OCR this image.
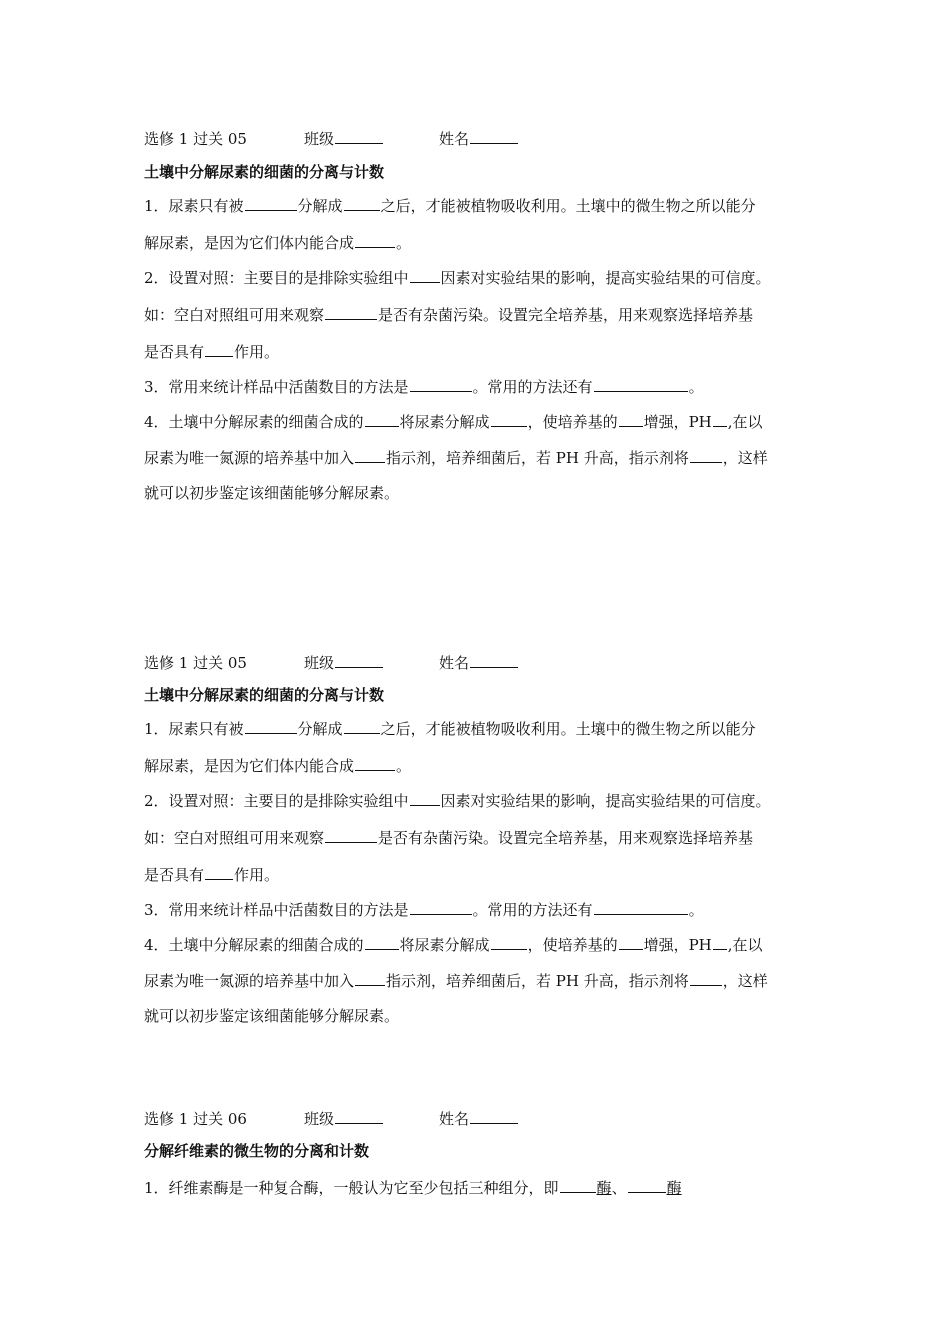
选修 1 过关 05	班级	姓名
土壤中分解尿素的细菌的分离与计数
1．尿素只有被	分解成	之后，才能被植物吸收利用。土壤中的微生物之所以能分
解尿素，是因为它们体内能合成	。
2．设置对照：主要目的是排除实验组中 因素对实验结果的影响，提高实验结果的可信度。
如：空白对照组可用来观察	是否有杂菌污染。设置完全培养基，用来观察选择培养基
是否具有 作用。
3．常用来统计样品中活菌数目的方法是	。常用的方法还有	。
4．土壤中分解尿素的细菌合成的 将尿素分解成	，使培养基的 增强，PH ,在以
尿素为唯一氮源的培养基中加入 指示剂，培养细菌后，若 PH 升高，指示剂将 ，这样
就可以初步鉴定该细菌能够分解尿素。
选修 1 过关 05	班级	姓名
土壤中分解尿素的细菌的分离与计数
1．尿素只有被	分解成	之后，才能被植物吸收利用。土壤中的微生物之所以能分
解尿素，是因为它们体内能合成	。
2．设置对照：主要目的是排除实验组中 因素对实验结果的影响，提高实验结果的可信度。
如：空白对照组可用来观察	是否有杂菌污染。设置完全培养基，用来观察选择培养基
是否具有 作用。
3．常用来统计样品中活菌数目的方法是	。常用的方法还有	。
4．土壤中分解尿素的细菌合成的 将尿素分解成	，使培养基的 增强，PH ,在以
尿素为唯一氮源的培养基中加入 指示剂，培养细菌后，若 PH 升高，指示剂将 ，这样
就可以初步鉴定该细菌能够分解尿素。
选修 1 过关 06	班级	姓名
分解纤维素的微生物的分离和计数
1．纤维素酶是一种复合酶，一般认为它至少包括三种组分，即	酶、	酶
